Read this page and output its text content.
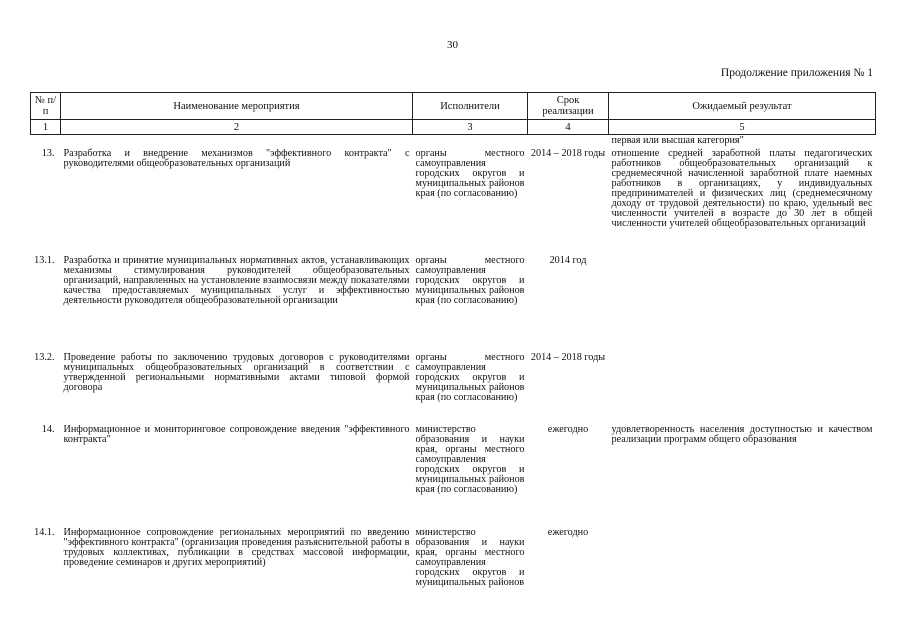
30
Продолжение приложения № 1
№ п/п	Наименование мероприятия	Исполнители	Срок реализации	Ожидаемый результат
1	2	3	4	5
				первая или высшая категория"
13.	Разработка и внедрение механизмов "эффективного контракта" с руководителями общеобразовательных организаций	органы местного самоуправления городских округов и муниципальных районов края (по согласованию)	2014 – 2018 годы	отношение средней заработной платы педагогических работников общеобразовательных организаций к среднемесячной начисленной заработной плате наемных работников в организациях, у индивидуальных предпринимателей и физических лиц (среднемесячному доходу от трудовой деятельности) по краю, удельный вес численности учителей в возрасте до 30 лет в общей численности учителей общеобразовательных организаций
13.1.	Разработка и принятие муниципальных нормативных актов, устанавливающих механизмы стимулирования руководителей общеобразовательных организаций, направленных на установление взаимосвязи между показателями качества предоставляемых муниципальных услуг и эффективностью деятельности руководителя общеобразовательной организации	органы местного самоуправления городских округов и муниципальных районов края (по согласованию)	2014 год	
13.2.	Проведение работы по заключению трудовых договоров с руководителями муниципальных общеобразовательных организаций в соответствии с утвержденной региональными нормативными актами типовой формой договора	органы местного самоуправления городских округов и муниципальных районов края (по согласованию)	2014 – 2018 годы	
14.	Информационное и мониторинговое сопровождение введения "эффективного контракта"	министерство образования и науки края, органы местного самоуправления городских округов и муниципальных районов края (по согласованию)	ежегодно	удовлетворенность населения доступностью и качеством реализации программ общего образования
14.1.	Информационное сопровождение региональных мероприятий по введению "эффективного контракта" (организация проведения разъяснительной работы в трудовых коллективах, публикации в средствах массовой информации, проведение семинаров и других мероприятий)	министерство образования и науки края, органы местного самоуправления городских округов и муниципальных районов	ежегодно	
